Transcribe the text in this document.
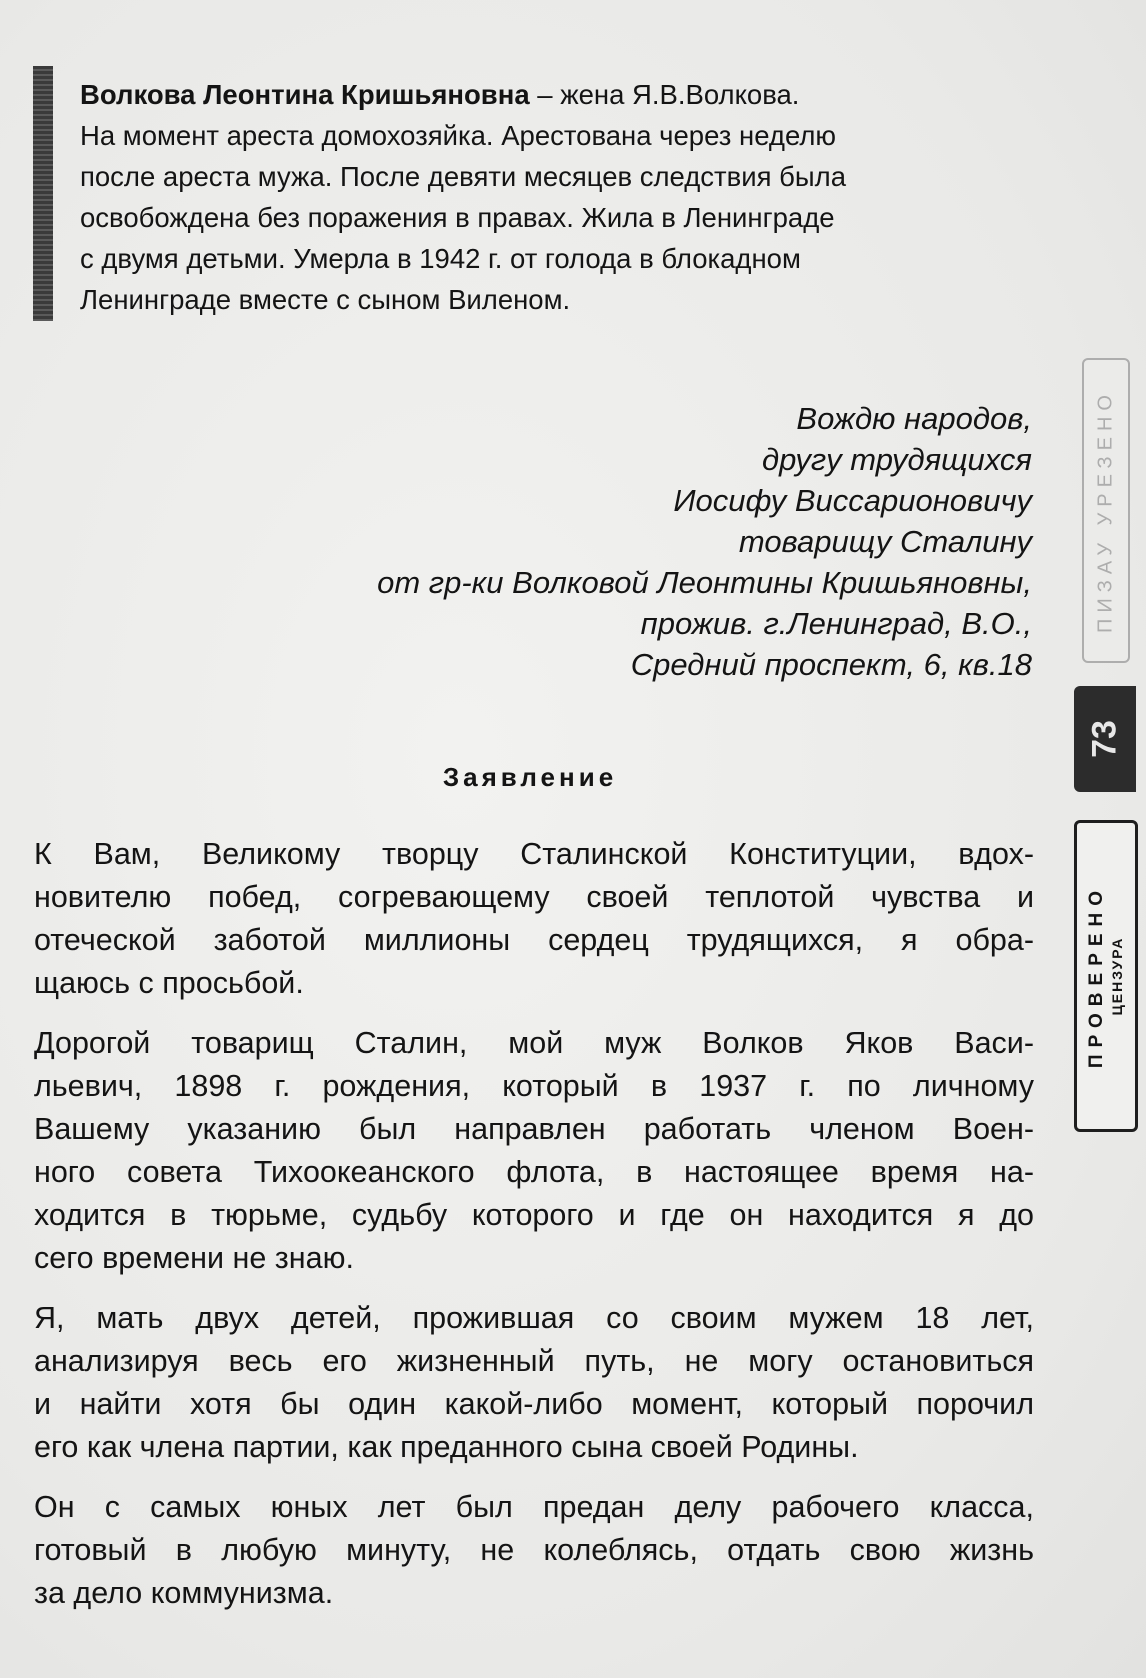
Волкова Леонтина Кришьяновна – жена Я.В.Волкова.
На момент ареста домохозяйка. Арестована через неделю
после ареста мужа. После девяти месяцев следствия была
освобождена без поражения в правах. Жила в Ленинграде
с двумя детьми. Умерла в 1942 г. от голода в блокадном
Ленинграде вместе с сыном Виленом.
Вождю народов,
другу трудящихся
Иосифу Виссарионовичу
товарищу Сталину
от гр-ки Волковой Леонтины Кришьяновны,
прожив. г.Ленинград, В.О.,
Средний проспект, 6, кв.18
Заявление
К Вам, Великому творцу Сталинской Конституции, вдох-
новителю побед, согревающему своей теплотой чувства и
отеческой заботой миллионы сердец трудящихся, я обра-
щаюсь с просьбой.
Дорогой товарищ Сталин, мой муж Волков Яков Васи-
льевич, 1898 г. рождения, который в 1937 г. по личному
Вашему указанию был направлен работать членом Воен-
ного совета Тихоокеанского флота, в настоящее время на-
ходится в тюрьме, судьбу которого и где он находится я до
сего времени не знаю.
Я, мать двух детей, прожившая со своим мужем 18 лет,
анализируя весь его жизненный путь, не могу остановиться
и найти хотя бы один какой-либо момент, который порочил
его как члена партии, как преданного сына своей Родины.
Он с самых юных лет был предан делу рабочего класса,
готовый в любую минуту, не колеблясь, отдать свою жизнь
за дело коммунизма.
ПИЗАУ УРЕЗЕНО
73
ПРОВЕРЕНО ЦЕНЗУРА
